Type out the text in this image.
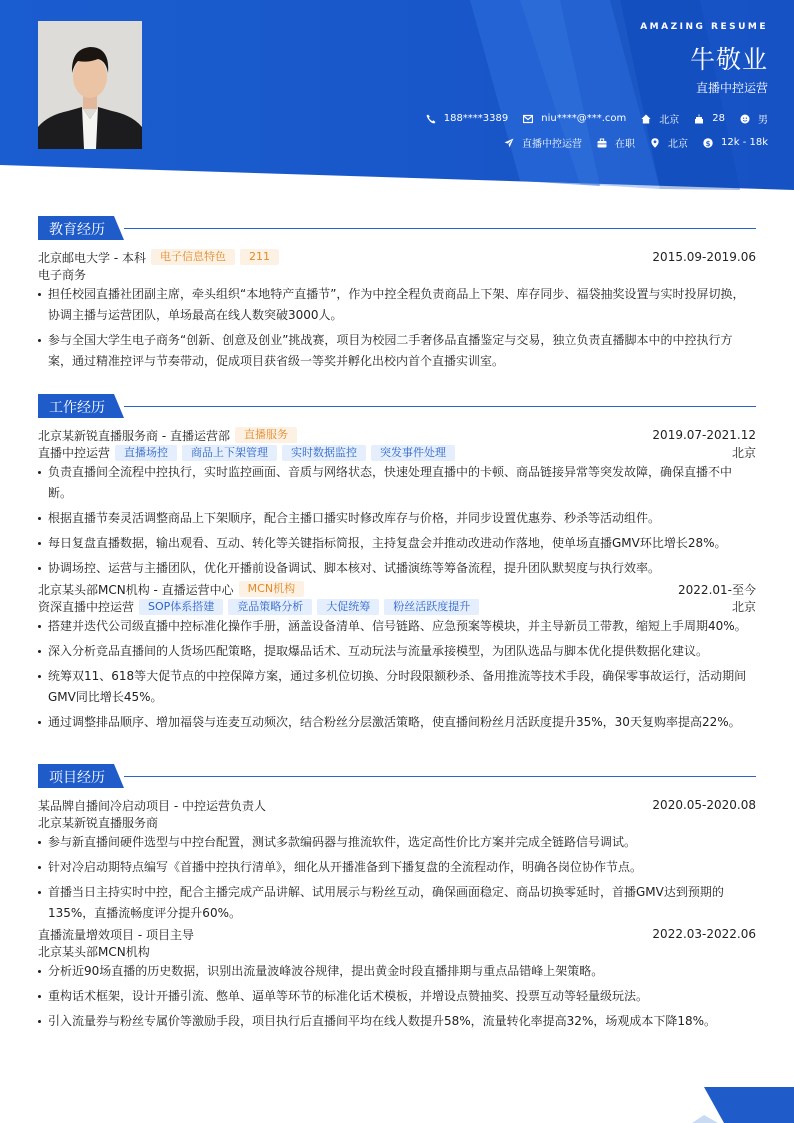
AMAZING RESUME
牛敬业
直播中控运营
188****3389	niu****@***.com	北京	28	男
直播中控运营	在职	北京	$ 12k - 18k
教育经历
北京邮电大学 - 本科	电子信息特色	211	2015.09-2019.06
电子商务
担任校园直播社团副主席，牵头组织“本地特产直播节”，作为中控全程负责商品上下架、库存同步、福袋抽奖设置与实时投屏切换，协调主播与运营团队，单场最高在线人数突破3000人。
参与全国大学生电子商务“创新、创意及创业”挑战赛，项目为校园二手奢侈品直播鉴定与交易，独立负责直播脚本中的中控执行方案，通过精准控评与节奏带动，促成项目获省级一等奖并孵化出校内首个直播实训室。
工作经历
北京某新锐直播服务商 - 直播运营部	直播服务	2019.07-2021.12
直播中控运营	直播场控	商品上下架管理	实时数据监控	突发事件处理	北京
负责直播间全流程中控执行，实时监控画面、音质与网络状态，快速处理直播中的卡顿、商品链接异常等突发故障，确保直播不中断。
根据直播节奏灵活调整商品上下架顺序，配合主播口播实时修改库存与价格，并同步设置优惠券、秒杀等活动组件。
每日复盘直播数据，输出观看、互动、转化等关键指标简报，主持复盘会并推动改进动作落地，使单场直播GMV环比增长28%。
协调场控、运营与主播团队，优化开播前设备调试、脚本核对、试播演练等筹备流程，提升团队默契度与执行效率。
北京某头部MCN机构 - 直播运营中心	MCN机构	2022.01-至今
资深直播中控运营	SOP体系搭建	竞品策略分析	大促统筹	粉丝活跃度提升	北京
搭建并迭代公司级直播中控标准化操作手册，涵盖设备清单、信号链路、应急预案等模块，并主导新员工带教，缩短上手周期40%。
深入分析竞品直播间的人货场匹配策略，提取爆品话术、互动玩法与流量承接模型，为团队选品与脚本优化提供数据化建议。
统筹双11、618等大促节点的中控保障方案，通过多机位切换、分时段限额秒杀、备用推流等技术手段，确保零事故运行，活动期间GMV同比增长45%。
通过调整排品顺序、增加福袋与连麦互动频次，结合粉丝分层激活策略，使直播间粉丝月活跃度提升35%，30天复购率提高22%。
项目经历
某品牌自播间冷启动项目 - 中控运营负责人	2020.05-2020.08
北京某新锐直播服务商
参与新直播间硬件选型与中控台配置，测试多款编码器与推流软件，选定高性价比方案并完成全链路信号调试。
针对冷启动期特点编写《首播中控执行清单》，细化从开播准备到下播复盘的全流程动作，明确各岗位协作节点。
首播当日主持实时中控，配合主播完成产品讲解、试用展示与粉丝互动，确保画面稳定、商品切换零延时，首播GMV达到预期的135%，直播流畅度评分提升60%。
直播流量增效项目 - 项目主导	2022.03-2022.06
北京某头部MCN机构
分析近90场直播的历史数据，识别出流量波峰波谷规律，提出黄金时段直播排期与重点品错峰上架策略。
重构话术框架，设计开播引流、憋单、逼单等环节的标准化话术模板，并增设点赞抽奖、投票互动等轻量级玩法。
引入流量券与粉丝专属价等激励手段，项目执行后直播间平均在线人数提升58%，流量转化率提高32%，场观成本下降18%。
